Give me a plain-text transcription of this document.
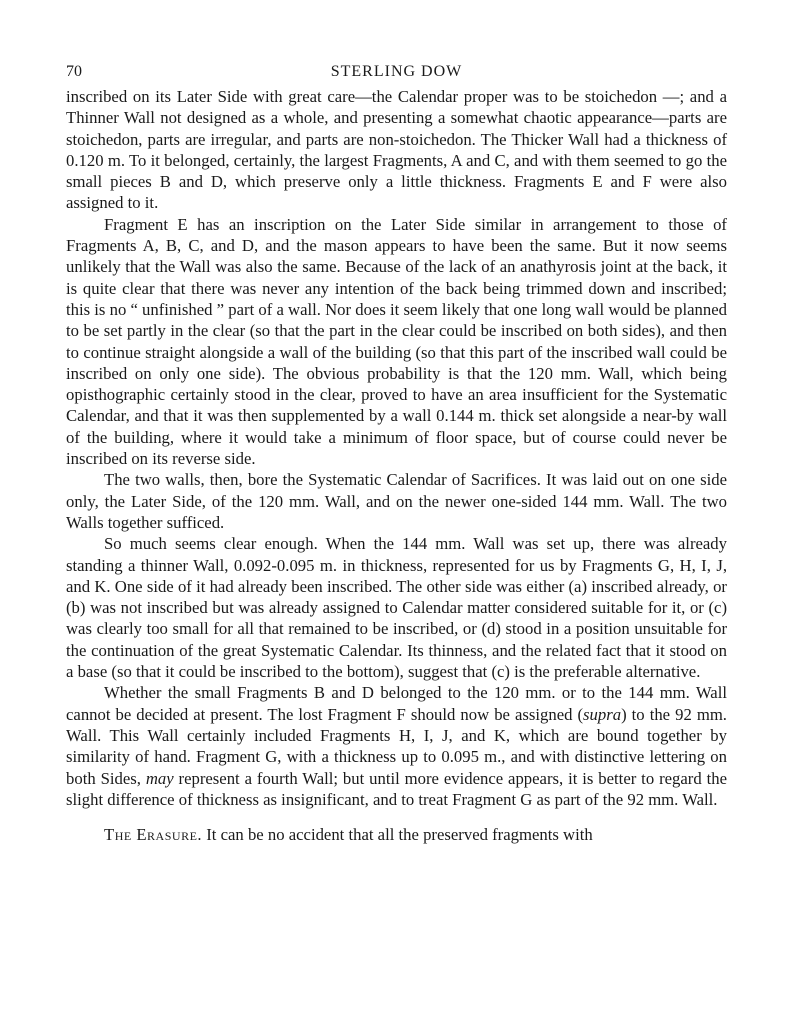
70	STERLING DOW

inscribed on its Later Side with great care—the Calendar proper was to be stoichedon —; and a Thinner Wall not designed as a whole, and presenting a somewhat chaotic appearance—parts are stoichedon, parts are irregular, and parts are non-stoichedon. The Thicker Wall had a thickness of 0.120 m. To it belonged, certainly, the largest Fragments, A and C, and with them seemed to go the small pieces B and D, which preserve only a little thickness. Fragments E and F were also assigned to it.

Fragment E has an inscription on the Later Side similar in arrangement to those of Fragments A, B, C, and D, and the mason appears to have been the same. But it now seems unlikely that the Wall was also the same. Because of the lack of an anathyrosis joint at the back, it is quite clear that there was never any intention of the back being trimmed down and inscribed; this is no “ unfinished ” part of a wall. Nor does it seem likely that one long wall would be planned to be set partly in the clear (so that the part in the clear could be inscribed on both sides), and then to continue straight alongside a wall of the building (so that this part of the inscribed wall could be inscribed on only one side). The obvious probability is that the 120 mm. Wall, which being opisthographic certainly stood in the clear, proved to have an area insufficient for the Systematic Calendar, and that it was then supplemented by a wall 0.144 m. thick set alongside a near-by wall of the building, where it would take a minimum of floor space, but of course could never be inscribed on its reverse side.

The two walls, then, bore the Systematic Calendar of Sacrifices. It was laid out on one side only, the Later Side, of the 120 mm. Wall, and on the newer one-sided 144 mm. Wall. The two Walls together sufficed.

So much seems clear enough. When the 144 mm. Wall was set up, there was already standing a thinner Wall, 0.092-0.095 m. in thickness, represented for us by Fragments G, H, I, J, and K. One side of it had already been inscribed. The other side was either (a) inscribed already, or (b) was not inscribed but was already assigned to Calendar matter considered suitable for it, or (c) was clearly too small for all that remained to be inscribed, or (d) stood in a position unsuitable for the continuation of the great Systematic Calendar. Its thinness, and the related fact that it stood on a base (so that it could be inscribed to the bottom), suggest that (c) is the preferable alternative.

Whether the small Fragments B and D belonged to the 120 mm. or to the 144 mm. Wall cannot be decided at present. The lost Fragment F should now be assigned (supra) to the 92 mm. Wall. This Wall certainly included Fragments H, I, J, and K, which are bound together by similarity of hand. Fragment G, with a thickness up to 0.095 m., and with distinctive lettering on both Sides, may represent a fourth Wall; but until more evidence appears, it is better to regard the slight difference of thickness as insignificant, and to treat Fragment G as part of the 92 mm. Wall.

The Erasure. It can be no accident that all the preserved fragments with
